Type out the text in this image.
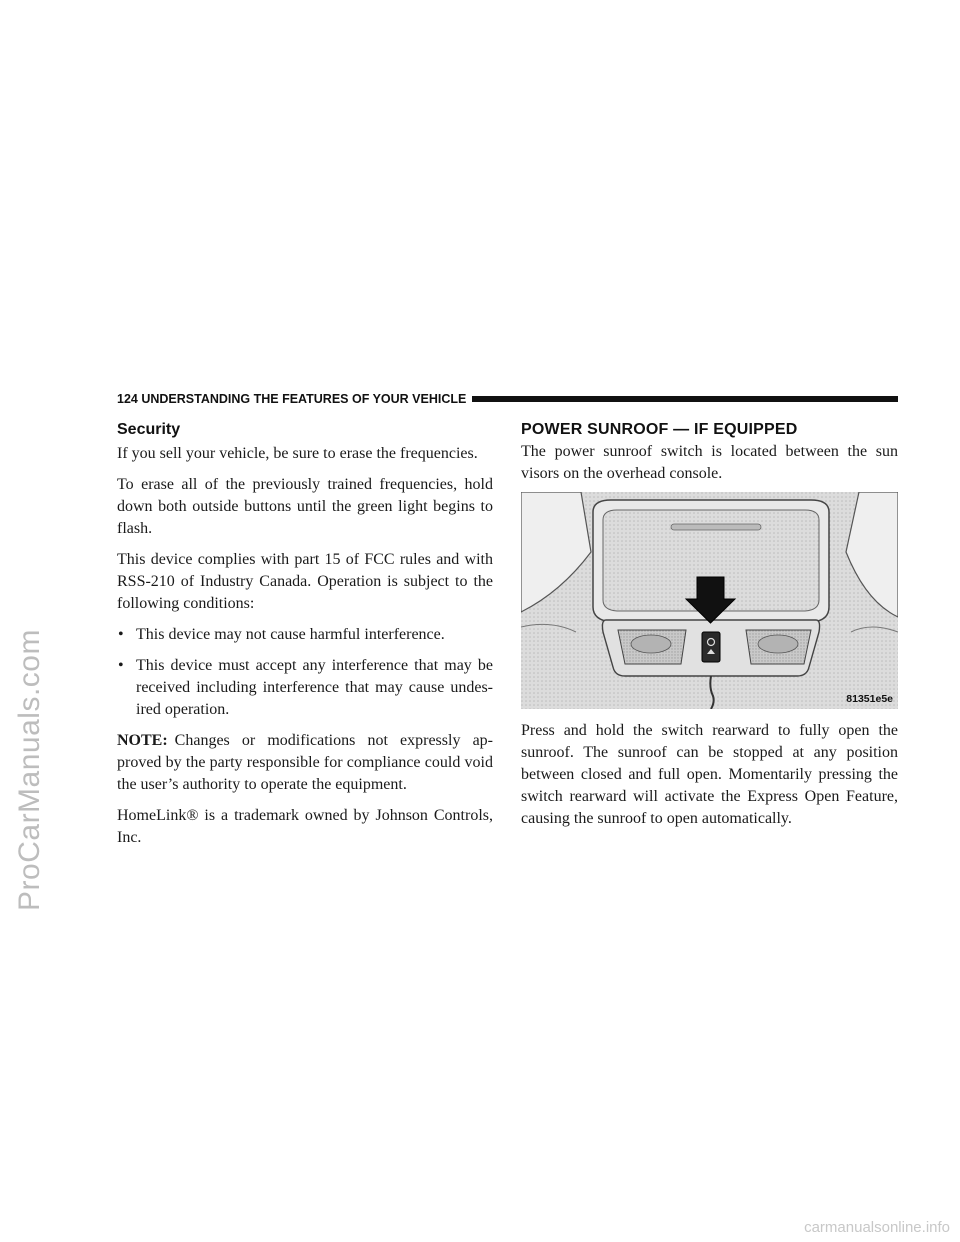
ProCarManuals.com
124 UNDERSTANDING THE FEATURES OF YOUR VEHICLE
Security

If you sell your vehicle, be sure to erase the frequencies.

To erase all of the previously trained frequencies, hold down both outside buttons until the green light begins to flash.

This device complies with part 15 of FCC rules and with RSS-210 of Industry Canada. Operation is subject to the following conditions:

• This device may not cause harmful interference.
• This device must accept any interference that may be received including interference that may cause undes-ired operation.

NOTE: Changes or modifications not expressly ap-proved by the party responsible for compliance could void the user’s authority to operate the equipment.

HomeLink® is a trademark owned by Johnson Controls, Inc.

POWER SUNROOF — IF EQUIPPED

The power sunroof switch is located between the sun visors on the overhead console.

81351e5e

Press and hold the switch rearward to fully open the sunroof. The sunroof can be stopped at any position between closed and full open. Momentarily pressing the switch rearward will activate the Express Open Feature, causing the sunroof to open automatically.

carmanualsonline.info
